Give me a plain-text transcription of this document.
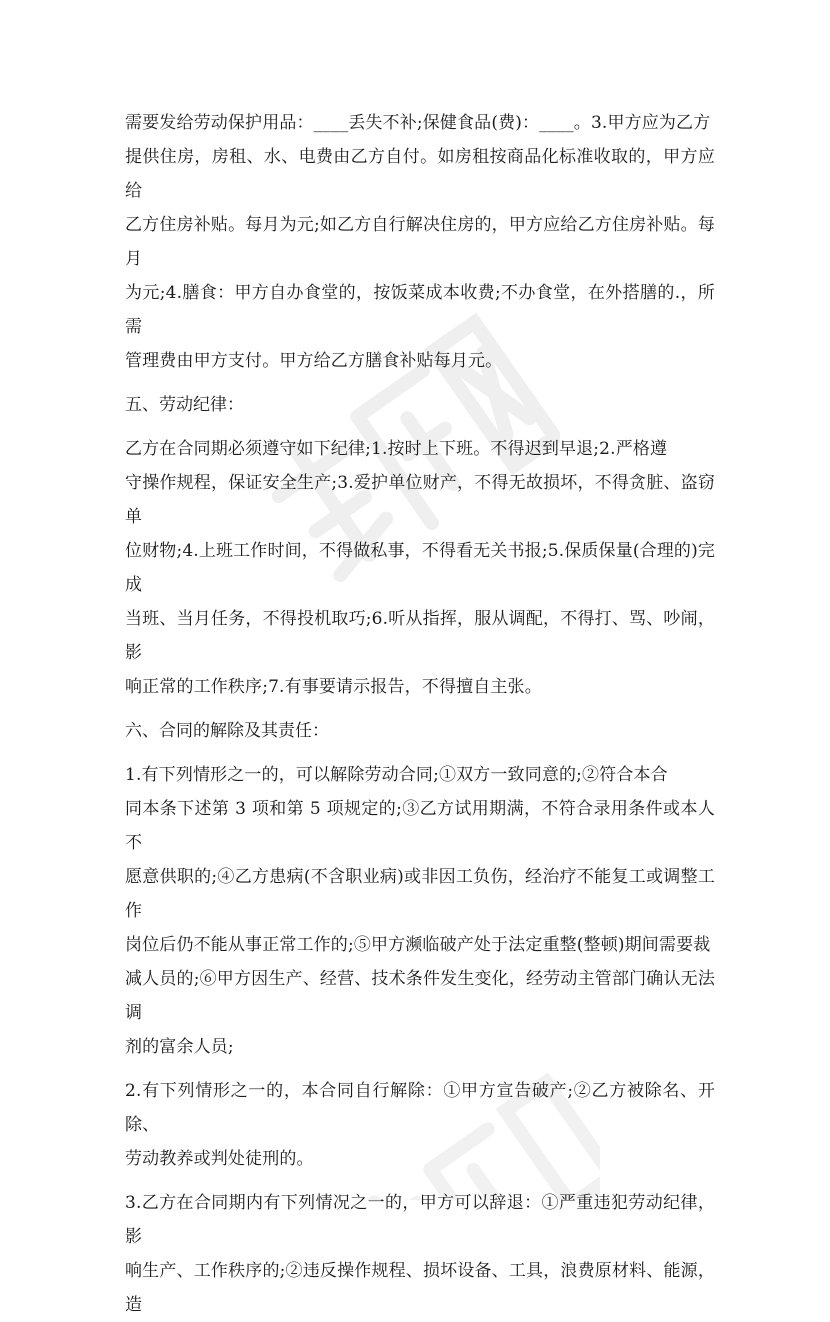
需要发给劳动保护用品：____丢失不补;保健食品(费)：____。3.甲方应为乙方
提供住房，房租、水、电费由乙方自付。如房租按商品化标准收取的，甲方应给
乙方住房补贴。每月为元;如乙方自行解决住房的，甲方应给乙方住房补贴。每月
为元;4.膳食：甲方自办食堂的，按饭菜成本收费;不办食堂，在外搭膳的.，所需
管理费由甲方支付。甲方给乙方膳食补贴每月元。
五、劳动纪律：
乙方在合同期必须遵守如下纪律;1.按时上下班。不得迟到早退;2.严格遵
守操作规程，保证安全生产;3.爱护单位财产，不得无故损坏，不得贪脏、盗窃单
位财物;4.上班工作时间，不得做私事，不得看无关书报;5.保质保量(合理的)完成
当班、当月任务，不得投机取巧;6.听从指挥，服从调配，不得打、骂、吵闹，影
响正常的工作秩序;7.有事要请示报告，不得擅自主张。
六、合同的解除及其责任：
1.有下列情形之一的，可以解除劳动合同;①双方一致同意的;②符合本合
同本条下述第 3 项和第 5 项规定的;③乙方试用期满，不符合录用条件或本人不
愿意供职的;④乙方患病(不含职业病)或非因工负伤，经治疗不能复工或调整工作
岗位后仍不能从事正常工作的;⑤甲方濒临破产处于法定重整(整顿)期间需要裁
减人员的;⑥甲方因生产、经营、技术条件发生变化，经劳动主管部门确认无法调
剂的富余人员;
2.有下列情形之一的，本合同自行解除：①甲方宣告破产;②乙方被除名、开除、
劳动教养或判处徒刑的。
3.乙方在合同期内有下列情况之一的，甲方可以辞退：①严重违犯劳动纪律，影
响生产、工作秩序的;②违反操作规程、损坏设备、工具，浪费原材料、能源，造
